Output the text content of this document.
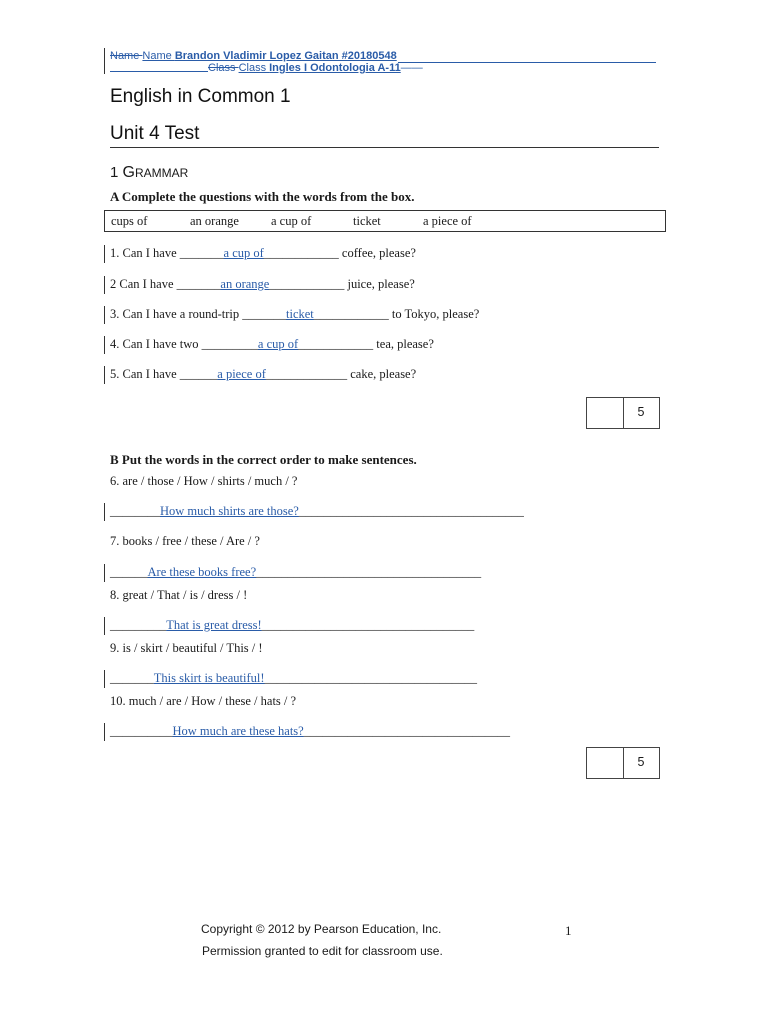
Name Name Brandon Vladimir Lopez Gaitan #20180548
Class Class Ingles I Odontologia A-11——
English in Common 1
Unit 4 Test
1 GRAMMAR
A Complete the questions with the words from the box.
cups of	an orange	a cup of	ticket	a piece of
1. Can I have _______a cup of____________ coffee, please?
2 Can I have _______an orange____________ juice, please?
3. Can I have a round-trip _______ticket____________ to Tokyo, please?
4. Can I have two _________a cup of____________ tea, please?
5. Can I have ______a piece of_____________ cake, please?
5
B Put the words in the correct order to make sentences.
6. are / those / How / shirts / much / ?
________How much shirts are those?____________________________________
7. books / free / these / Are / ?
______Are these books free?____________________________________
8. great / That / is / dress / !
_________That is great dress!__________________________________
9. is / skirt / beautiful / This / !
_______This skirt is beautiful!__________________________________
10. much / are / How / these / hats / ?
__________How much are these hats?_________________________________
5
Copyright © 2012 by Pearson Education, Inc.
Permission granted to edit for classroom use.
1
